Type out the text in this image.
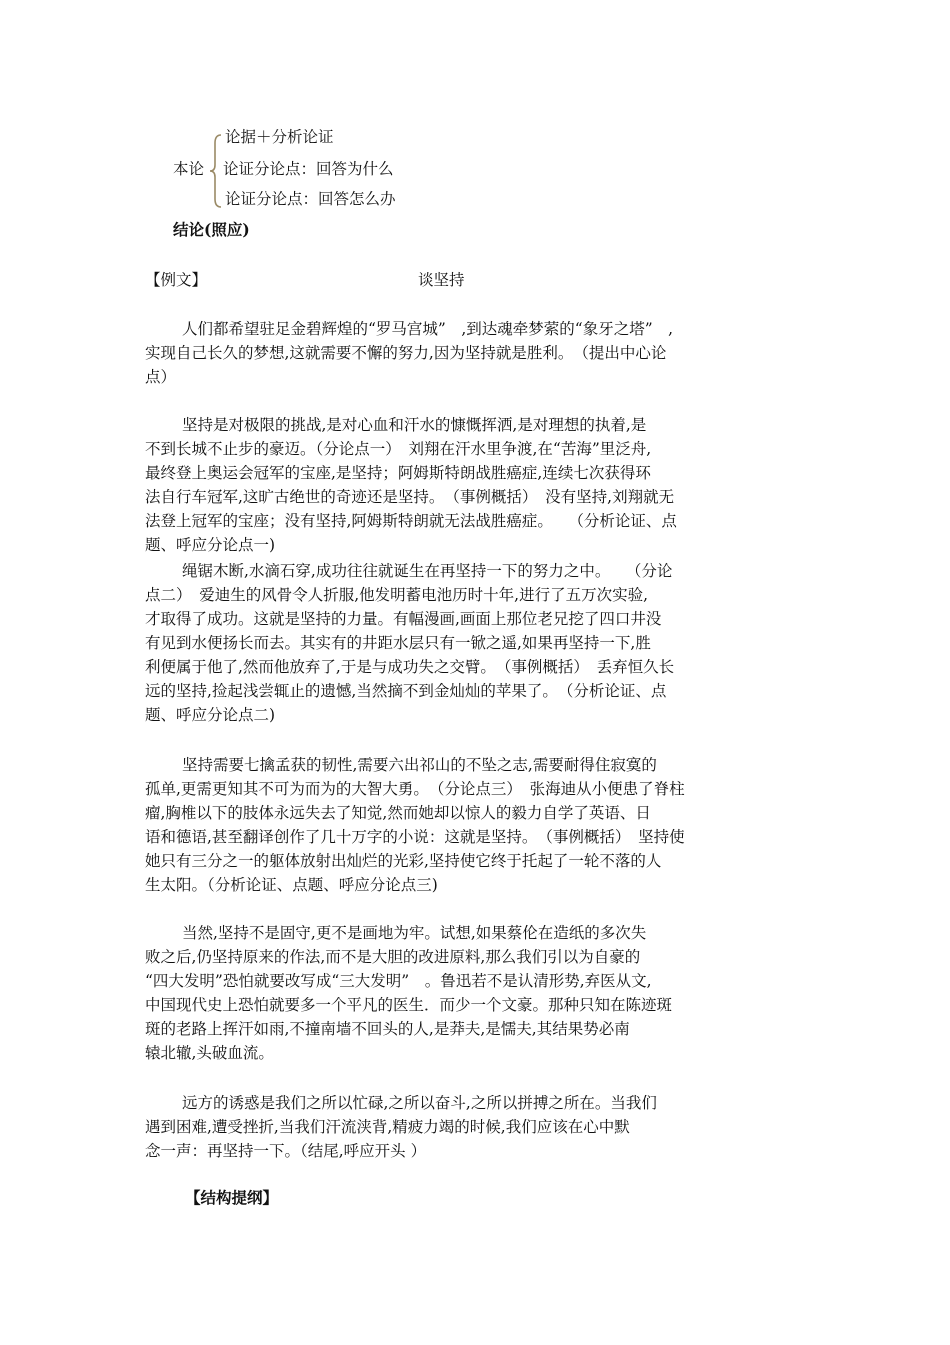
论据＋分析论证
本论 论证分论点：回答为什么
论证分论点：回答怎么办
结论(照应)
【例文】	谈坚持
人们都希望驻足金碧辉煌的“罗马宫城”　,到达魂牵梦萦的“象牙之塔”　,
实现自己长久的梦想,这就需要不懈的努力,因为坚持就是胜利。　（提出中心论
点）
坚持是对极限的挑战,是对心血和汗水的慷慨挥洒,是对理想的执着,是
不到长城不止步的豪迈。（分论点一）　刘翔在汗水里争渡,在“苦海”里泛舟,
最终登上奥运会冠军的宝座,是坚持；阿姆斯特朗战胜癌症,连续七次获得环
法自行车冠军,这旷古绝世的奇迹还是坚持。　（事例概括）　没有坚持,刘翔就无
法登上冠军的宝座；没有坚持,阿姆斯特朗就无法战胜癌症。　　（分析论证、点
题、呼应分论点一)
绳锯木断,水滴石穿,成功往往就诞生在再坚持一下的努力之中。　　（分论
点二）　爱迪生的风骨令人折服,他发明蓄电池历时十年,进行了五万次实验,
才取得了成功。这就是坚持的力量。有幅漫画,画面上那位老兄挖了四口井没
有见到水便扬长而去。其实有的井距水层只有一锨之遥,如果再坚持一下,胜
利便属于他了,然而他放弃了,于是与成功失之交臂。　（事例概括）　丢弃恒久长
远的坚持,捡起浅尝辄止的遗憾,当然摘不到金灿灿的苹果了。　（分析论证、点
题、呼应分论点二)
坚持需要七擒孟获的韧性,需要六出祁山的不坠之志,需要耐得住寂寞的
孤单,更需更知其不可为而为的大智大勇。　（分论点三）　张海迪从小便患了脊柱
瘤,胸椎以下的肢体永远失去了知觉,然而她却以惊人的毅力自学了英语、日
语和德语,甚至翻译创作了几十万字的小说：这就是坚持。　（事例概括）　坚持使
她只有三分之一的躯体放射出灿烂的光彩,坚持使它终于托起了一轮不落的人
生太阳。（分析论证、点题、呼应分论点三)
当然,坚持不是固守,更不是画地为牢。试想,如果蔡伦在造纸的多次失
败之后,仍坚持原来的作法,而不是大胆的改进原料,那么我们引以为自豪的
“四大发明”恐怕就要改写成“三大发明”　。鲁迅若不是认清形势,弃医从文,
中国现代史上恐怕就要多一个平凡的医生．而少一个文豪。那种只知在陈迹斑
斑的老路上挥汗如雨,不撞南墙不回头的人,是莽夫,是懦夫,其结果势必南
辕北辙,头破血流。
远方的诱惑是我们之所以忙碌,之所以奋斗,之所以拼搏之所在。当我们
遇到困难,遭受挫折,当我们汗流浃背,精疲力竭的时候,我们应该在心中默
念一声：再坚持一下。（结尾,呼应开头 ）
【结构提纲】
